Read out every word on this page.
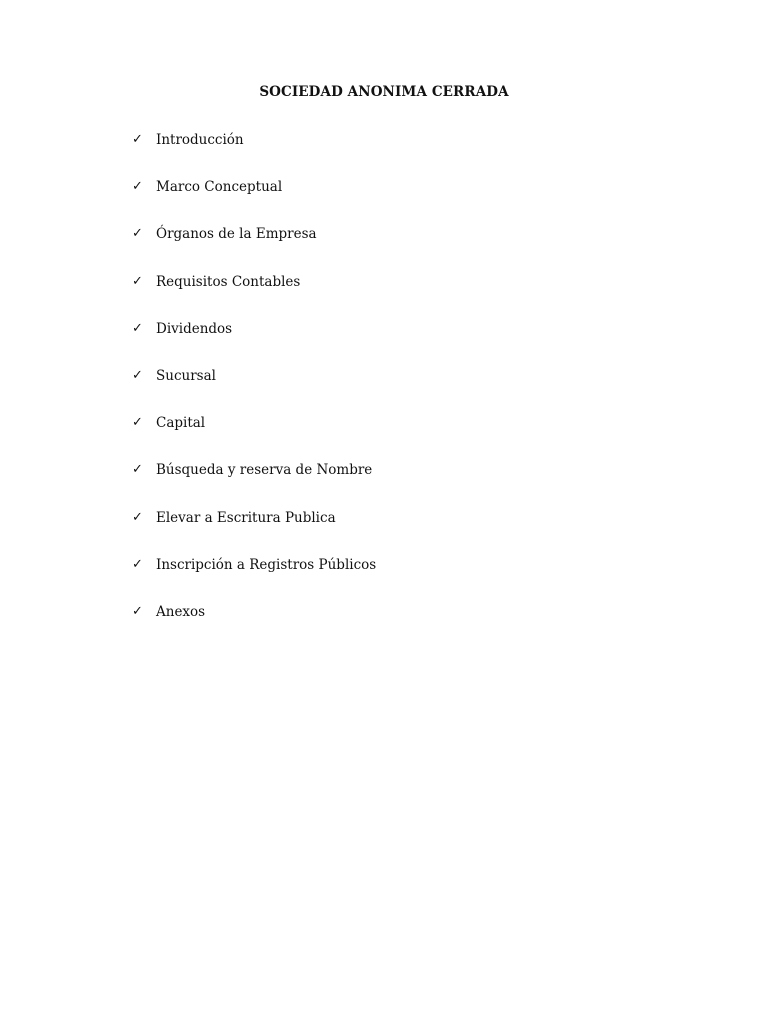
SOCIEDAD ANONIMA CERRADA
✓ Introducción
✓ Marco Conceptual
✓ Órganos de la Empresa
✓ Requisitos Contables
✓ Dividendos
✓ Sucursal
✓ Capital
✓ Búsqueda y reserva de Nombre
✓ Elevar a Escritura Publica
✓ Inscripción a Registros Públicos
✓ Anexos
